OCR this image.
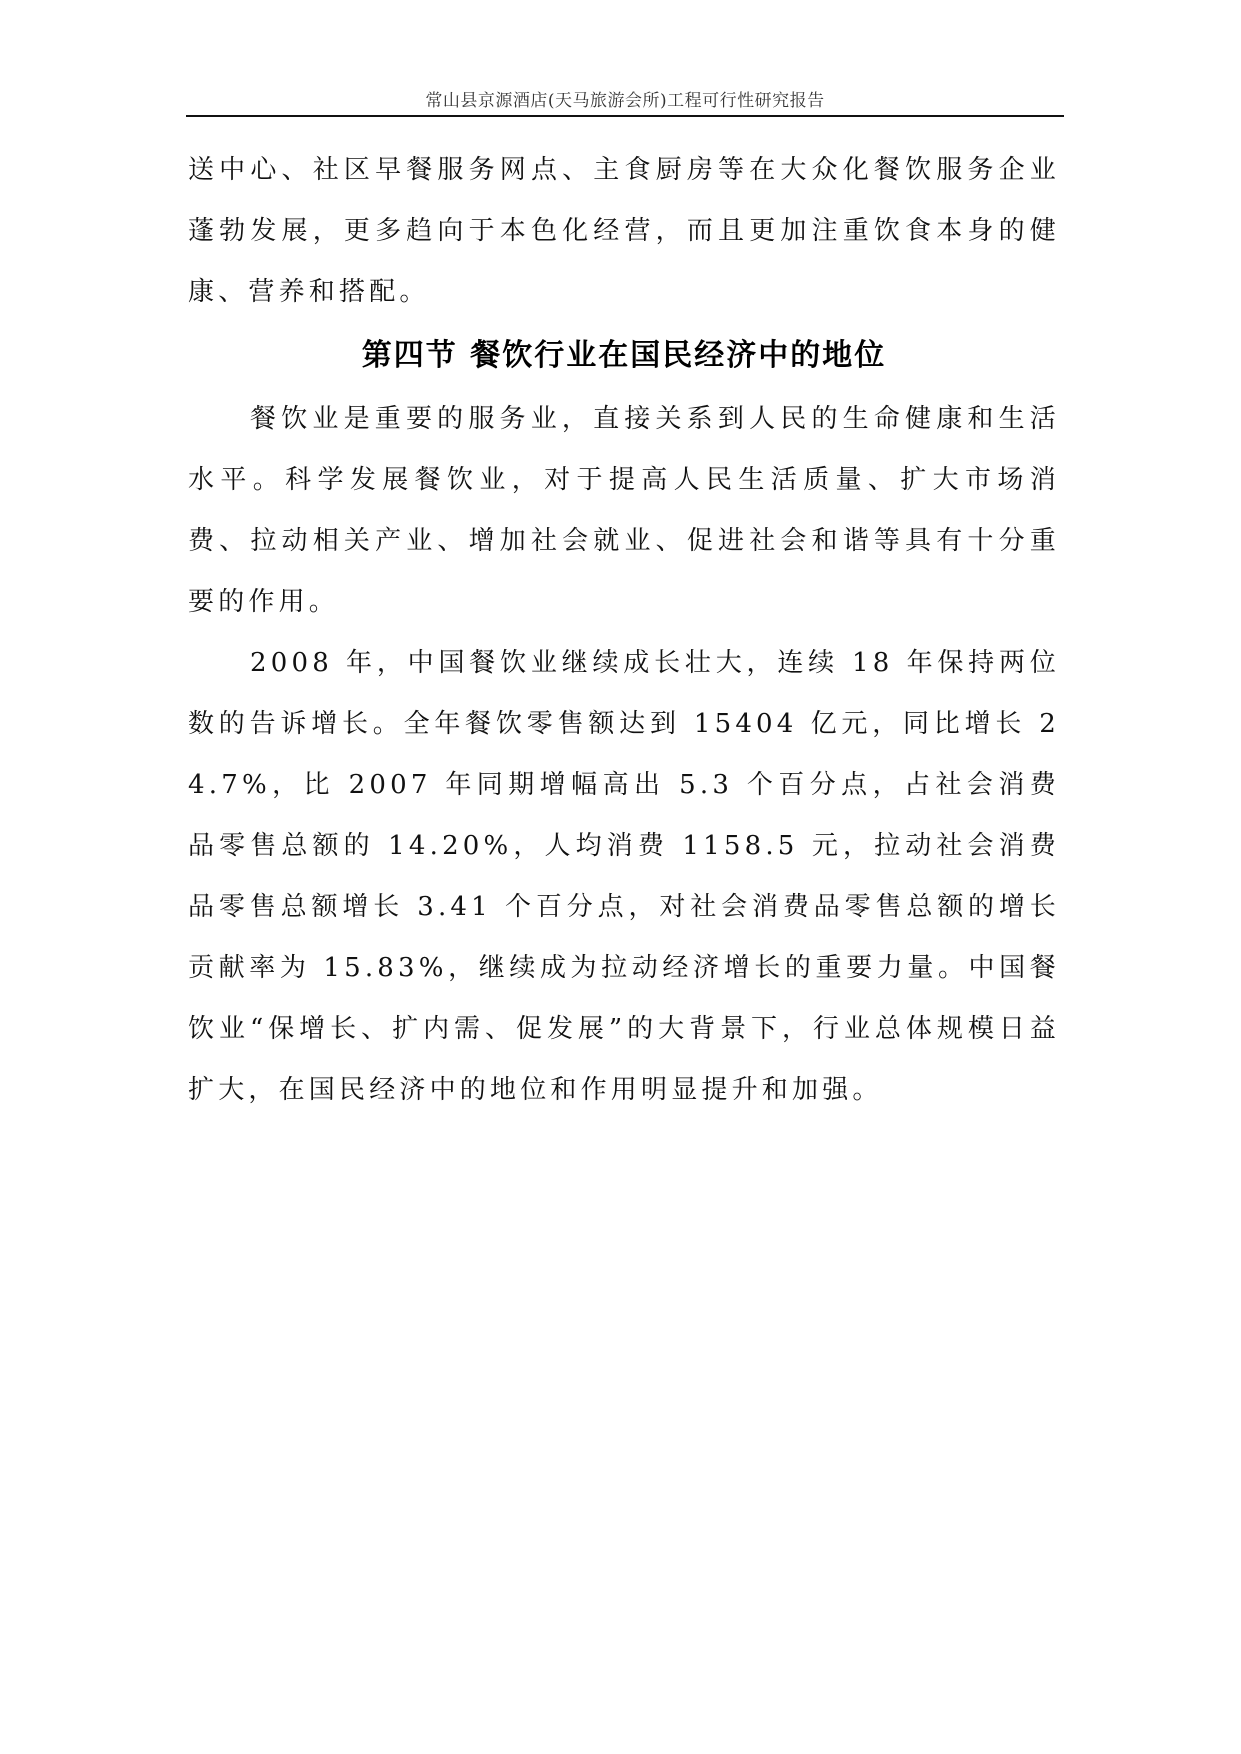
常山县京源酒店(天马旅游会所)工程可行性研究报告

送中心、社区早餐服务网点、主食厨房等在大众化餐饮服务企业蓬勃发展，更多趋向于本色化经营，而且更加注重饮食本身的健康、营养和搭配。

第四节 餐饮行业在国民经济中的地位

餐饮业是重要的服务业，直接关系到人民的生命健康和生活水平。科学发展餐饮业，对于提高人民生活质量、扩大市场消费、拉动相关产业、增加社会就业、促进社会和谐等具有十分重要的作用。

2008 年，中国餐饮业继续成长壮大，连续 18 年保持两位数的告诉增长。全年餐饮零售额达到 15404 亿元，同比增长 24.7%，比 2007 年同期增幅高出 5.3 个百分点，占社会消费品零售总额的 14.20%，人均消费 1158.5 元，拉动社会消费品零售总额增长 3.41 个百分点，对社会消费品零售总额的增长贡献率为 15.83%，继续成为拉动经济增长的重要力量。中国餐饮业“保增长、扩内需、促发展”的大背景下，行业总体规模日益扩大，在国民经济中的地位和作用明显提升和加强。
